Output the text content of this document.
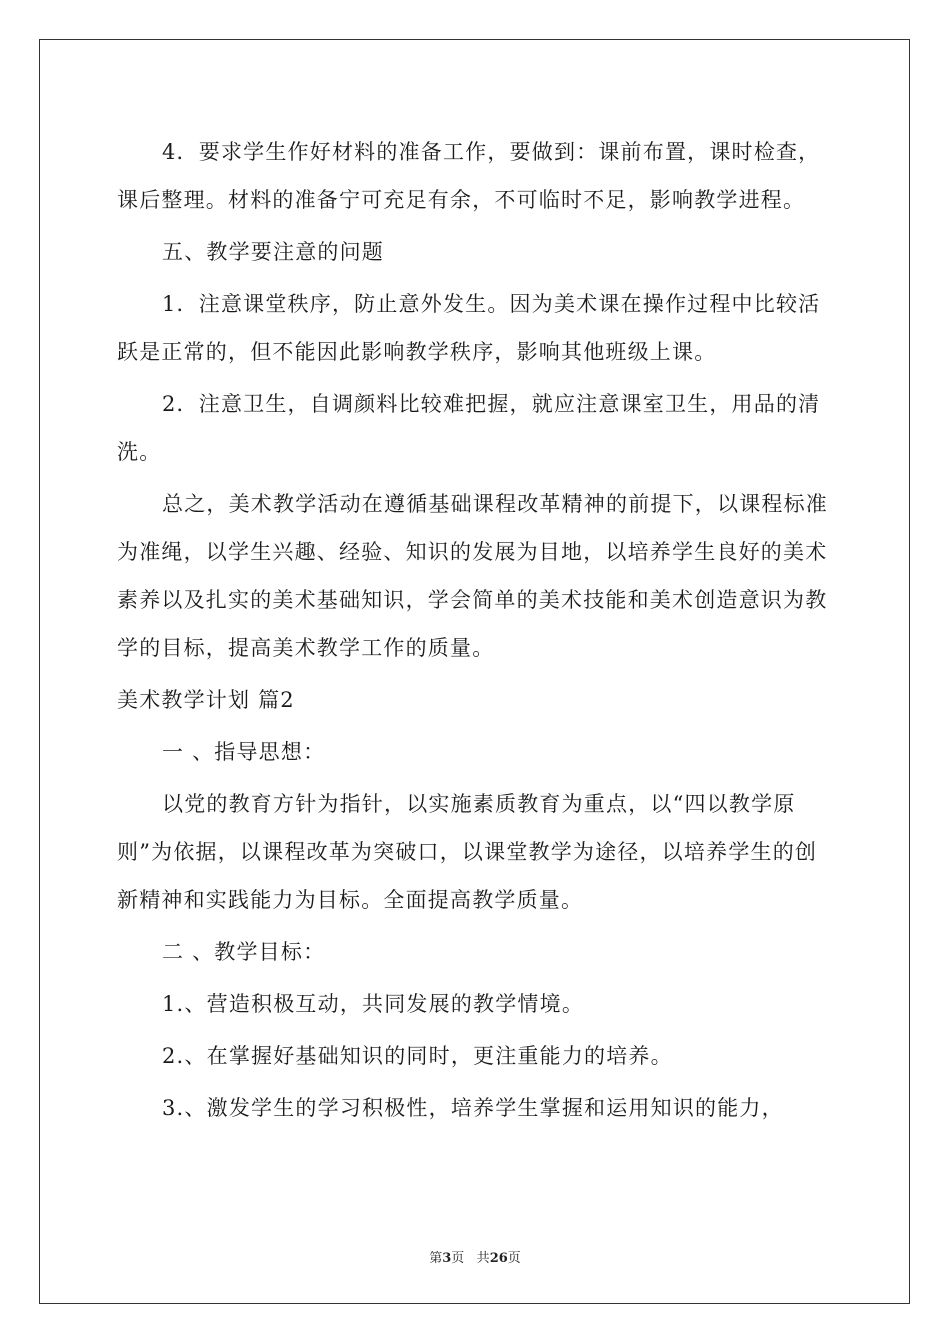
4．要求学生作好材料的准备工作，要做到：课前布置，课时检查，课后整理。材料的准备宁可充足有余，不可临时不足，影响教学进程。

五、教学要注意的问题

1．注意课堂秩序，防止意外发生。因为美术课在操作过程中比较活跃是正常的，但不能因此影响教学秩序，影响其他班级上课。

2．注意卫生，自调颜料比较难把握，就应注意课室卫生，用品的清洗。

总之，美术教学活动在遵循基础课程改革精神的前提下，以课程标准为准绳，以学生兴趣、经验、知识的发展为目地，以培养学生良好的美术素养以及扎实的美术基础知识，学会简单的美术技能和美术创造意识为教学的目标，提高美术教学工作的质量。

美术教学计划 篇2

一 、指导思想：

以党的教育方针为指针，以实施素质教育为重点，以“四以教学原则”为依据，以课程改革为突破口，以课堂教学为途径，以培养学生的创新精神和实践能力为目标。全面提高教学质量。

二 、教学目标：

1.、营造积极互动，共同发展的教学情境。

2.、在掌握好基础知识的同时，更注重能力的培养。

3.、激发学生的学习积极性，培养学生掌握和运用知识的能力，

第3页 共26页
